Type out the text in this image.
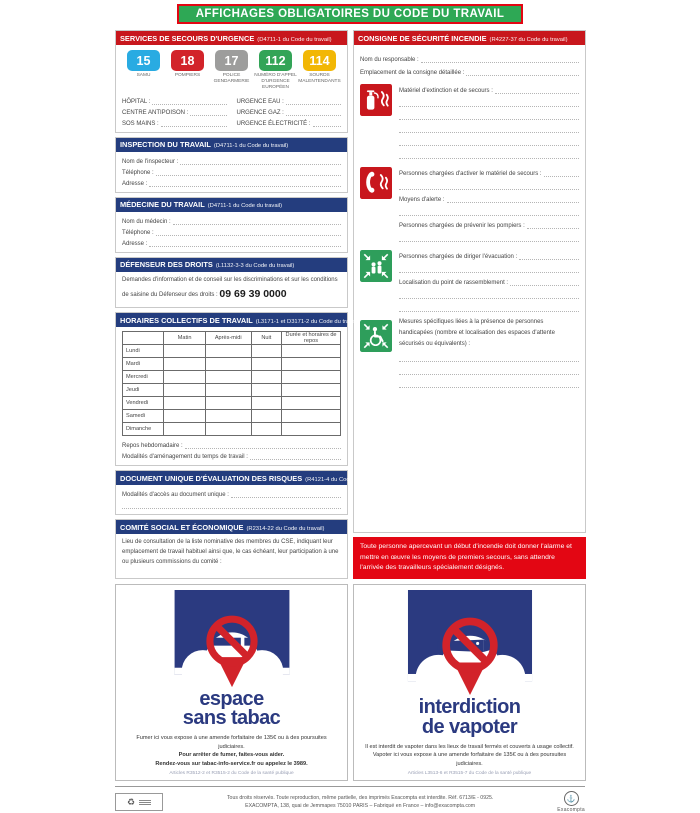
AFFICHAGES OBLIGATOIRES DU CODE DU TRAVAIL
SERVICES DE SECOURS D'URGENCE (D4711-1 du Code du travail)
15
SAMU
18
POMPIERS
17
POLICE GENDARMERIE
112
NUMÉRO D'APPEL D'URGENCE EUROPÉEN
114
SOURDS MALENTENDANTS
HÔPITAL :
CENTRE ANTIPOISON :
SOS MAINS :
URGENCE EAU :
URGENCE GAZ :
URGENCE ÉLECTRICITÉ :
INSPECTION DU TRAVAIL (D4711-1 du Code du travail)
Nom de l'inspecteur :
Téléphone :
Adresse :
MÉDECINE DU TRAVAIL (D4711-1 du Code du travail)
Nom du médecin :
Téléphone :
Adresse :
DÉFENSEUR DES DROITS (L1132-3-3 du Code du travail)
Demandes d'information et de conseil sur les discriminations et sur les conditions de saisine du Défenseur des droits : 09 69 39 0000
HORAIRES COLLECTIFS DE TRAVAIL (L3171-1 et D3171-2 du Code du travail)
	Matin	Après-midi	Nuit	Durée et horaires de repos
Lundi				
Mardi				
Mercredi				
Jeudi				
Vendredi				
Samedi				
Dimanche				
Repos hebdomadaire :
Modalités d'aménagement du temps de travail :
DOCUMENT UNIQUE D'ÉVALUATION DES RISQUES (R4121-4 du Code du travail)
Modalités d'accès au document unique :
COMITÉ SOCIAL ET ÉCONOMIQUE (R2314-22 du Code du travail)
Lieu de consultation de la liste nominative des membres du CSE, indiquant leur emplacement de travail habituel ainsi que, le cas échéant, leur participation à une ou plusieurs commissions du comité :
CONSIGNE DE SÉCURITÉ INCENDIE (R4227-37 du Code du travail)
Nom du responsable :
Emplacement de la consigne détaillée :
Matériel d'extinction et de secours :
Personnes chargées d'activer le matériel de secours :
Moyens d'alerte :
Personnes chargées de prévenir les pompiers :
Personnes chargées de diriger l'évacuation :
Localisation du point de rassemblement :
Mesures spécifiques liées à la présence de personnes handicapées (nombre et localisation des espaces d'attente sécurisés ou équivalents) :
Toute personne apercevant un début d'incendie doit donner l'alarme et mettre en œuvre les moyens de premiers secours, sans attendre l'arrivée des travailleurs spécialement désignés.
espace
sans tabac
Fumer ici vous expose à une amende forfaitaire de 135€ ou à des poursuites judiciaires.
Pour arrêter de fumer, faites-vous aider.
Rendez-vous sur tabac-info-service.fr ou appelez le 3989.
Articles R3512-2 et R3515-2 du Code de la santé publique
interdiction
de vapoter
Il est interdit de vapoter dans les lieux de travail fermés et couverts à usage collectif.
Vapoter ici vous expose à une amende forfaitaire de 135€ ou à des poursuites judiciaires.
Articles L3513-6 et R3515-7 du Code de la santé publique
♻	Tous droits réservés. Toute reproduction, même partielle, des imprimés Exacompta est interdite. Réf. 6713/E - 0925.
EXACOMPTA, 138, quai de Jemmapes 75010 PARIS – Fabriqué en France – info@exacompta.com
⚓
Exacompta
